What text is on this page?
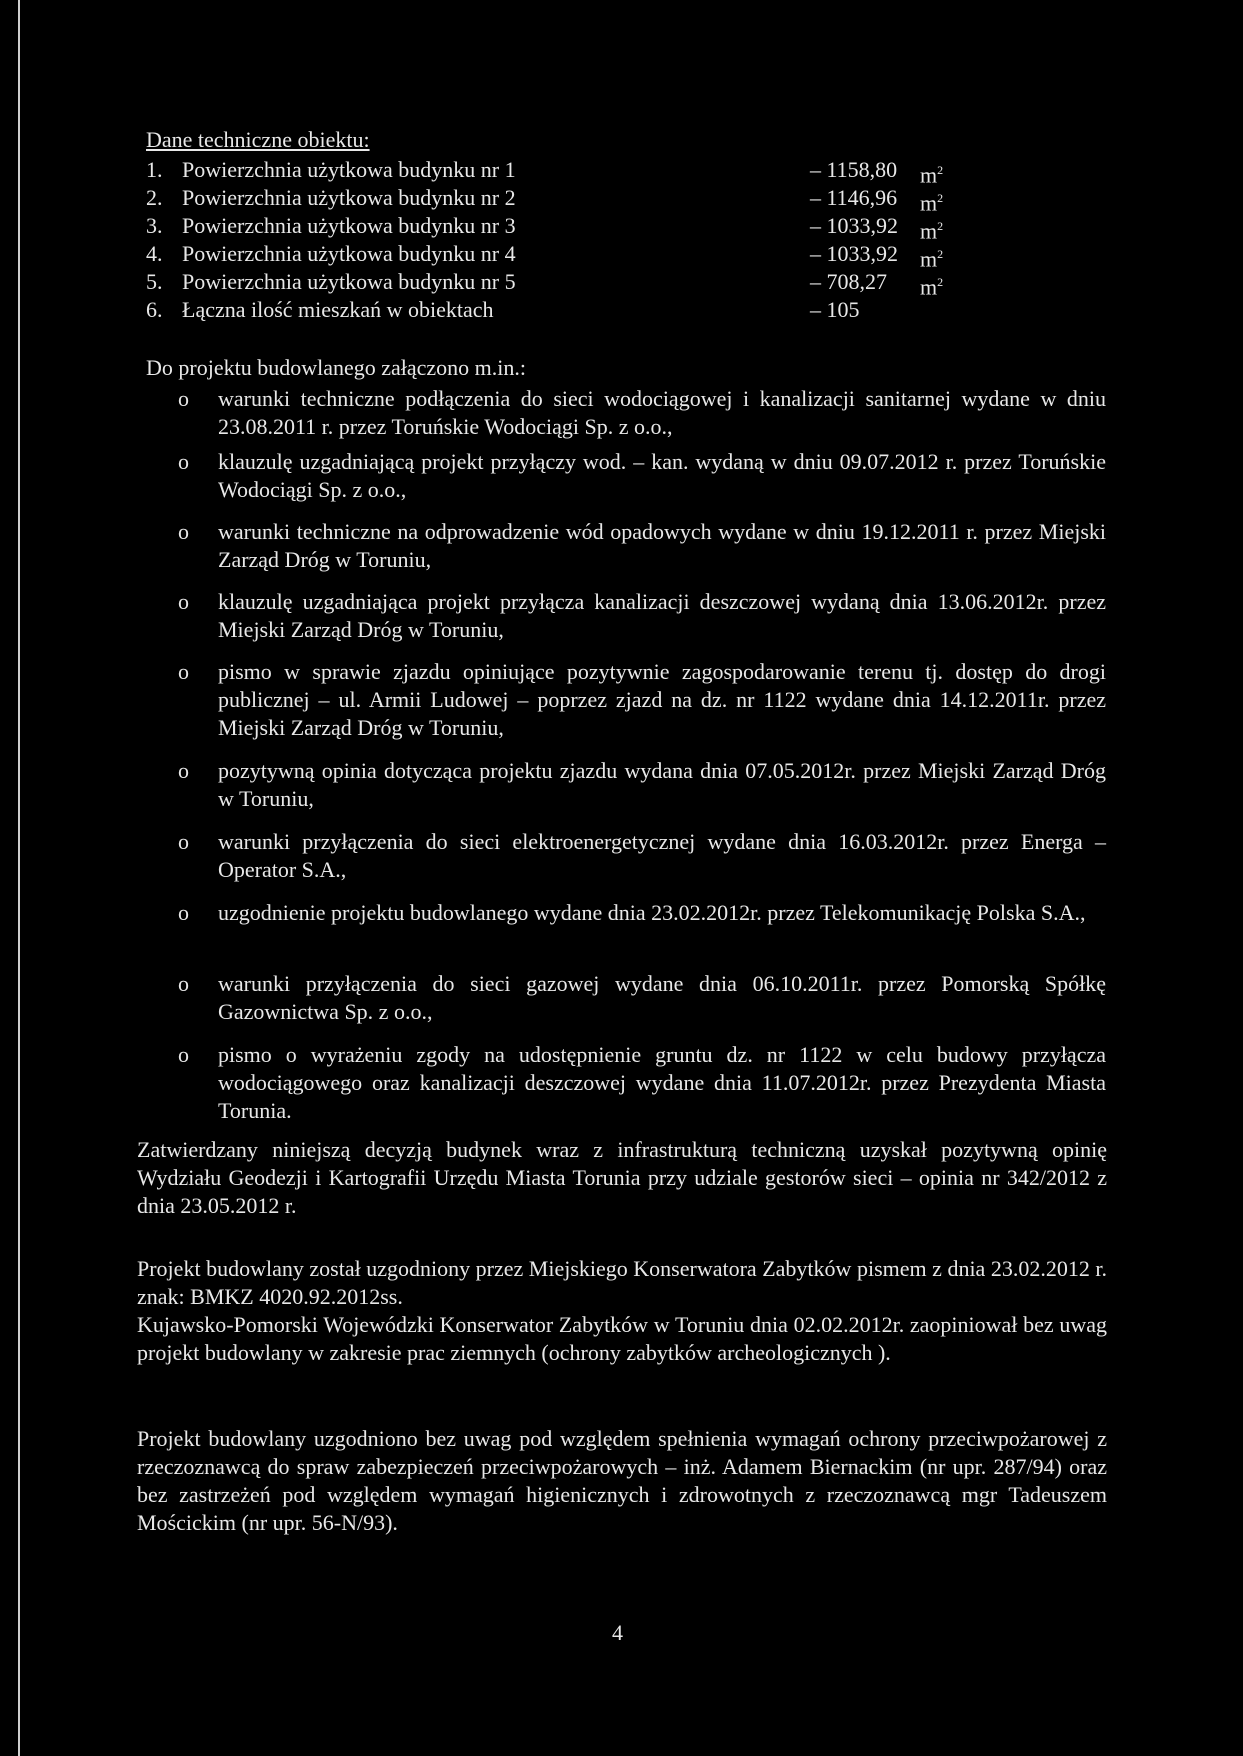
Dane techniczne obiektu:
1. Powierzchnia użytkowa budynku nr 1	– 1158,80	$m^2$
2. Powierzchnia użytkowa budynku nr 2	– 1146,96	$m^2$
3. Powierzchnia użytkowa budynku nr 3	– 1033,92	$m^2$
4. Powierzchnia użytkowa budynku nr 4	– 1033,92	$m^2$
5. Powierzchnia użytkowa budynku nr 5	– 708,27	$m^2$
6. Łączna ilość mieszkań w obiektach	– 105
Do projektu budowlanego załączono m.in.:
o	warunki techniczne podłączenia do sieci wodociągowej i kanalizacji sanitarnej wydane w dniu 23.08.2011 r. przez Toruńskie Wodociągi Sp. z o.o.,
o	klauzulę uzgadniającą projekt przyłączy wod. – kan. wydaną w dniu 09.07.2012 r. przez Toruńskie Wodociągi Sp. z o.o.,
o	warunki techniczne na odprowadzenie wód opadowych wydane w dniu 19.12.2011 r. przez Miejski Zarząd Dróg w Toruniu,
o	klauzulę uzgadniająca projekt przyłącza kanalizacji deszczowej wydaną dnia 13.06.2012r. przez Miejski Zarząd Dróg w Toruniu,
o	pismo w sprawie zjazdu opiniujące pozytywnie zagospodarowanie terenu tj. dostęp do drogi publicznej – ul. Armii Ludowej – poprzez zjazd na dz. nr 1122 wydane dnia 14.12.2011r. przez Miejski Zarząd Dróg w Toruniu,
o	pozytywną opinia dotycząca projektu zjazdu wydana dnia 07.05.2012r. przez Miejski Zarząd Dróg w Toruniu,
o	warunki przyłączenia do sieci elektroenergetycznej wydane dnia 16.03.2012r. przez Energa – Operator S.A.,
o	uzgodnienie projektu budowlanego wydane dnia 23.02.2012r. przez Telekomunikację Polska S.A.,
o	warunki przyłączenia do sieci gazowej wydane dnia 06.10.2011r. przez Pomorską Spółkę Gazownictwa Sp. z o.o.,
o	pismo o wyrażeniu zgody na udostępnienie gruntu dz. nr 1122 w celu budowy przyłącza wodociągowego oraz kanalizacji deszczowej wydane dnia 11.07.2012r. przez Prezydenta Miasta Torunia.
Zatwierdzany niniejszą decyzją budynek wraz z infrastrukturą techniczną uzyskał pozytywną opinię Wydziału Geodezji i Kartografii Urzędu Miasta Torunia przy udziale gestorów sieci – opinia nr 342/2012 z dnia 23.05.2012 r.
Projekt budowlany został uzgodniony przez Miejskiego Konserwatora Zabytków pismem z dnia 23.02.2012 r. znak: BMKZ 4020.92.2012ss.
Kujawsko-Pomorski Wojewódzki Konserwator Zabytków w Toruniu dnia 02.02.2012r. zaopiniował bez uwag projekt budowlany w zakresie prac ziemnych (ochrony zabytków archeologicznych ).
Projekt budowlany uzgodniono bez uwag pod względem spełnienia wymagań ochrony przeciwpożarowej z rzeczoznawcą do spraw zabezpieczeń przeciwpożarowych – inż. Adamem Biernackim (nr upr. 287/94) oraz bez zastrzeżeń pod względem wymagań higienicznych i zdrowotnych z rzeczoznawcą mgr Tadeuszem Mościckim (nr upr. 56-N/93).
4
